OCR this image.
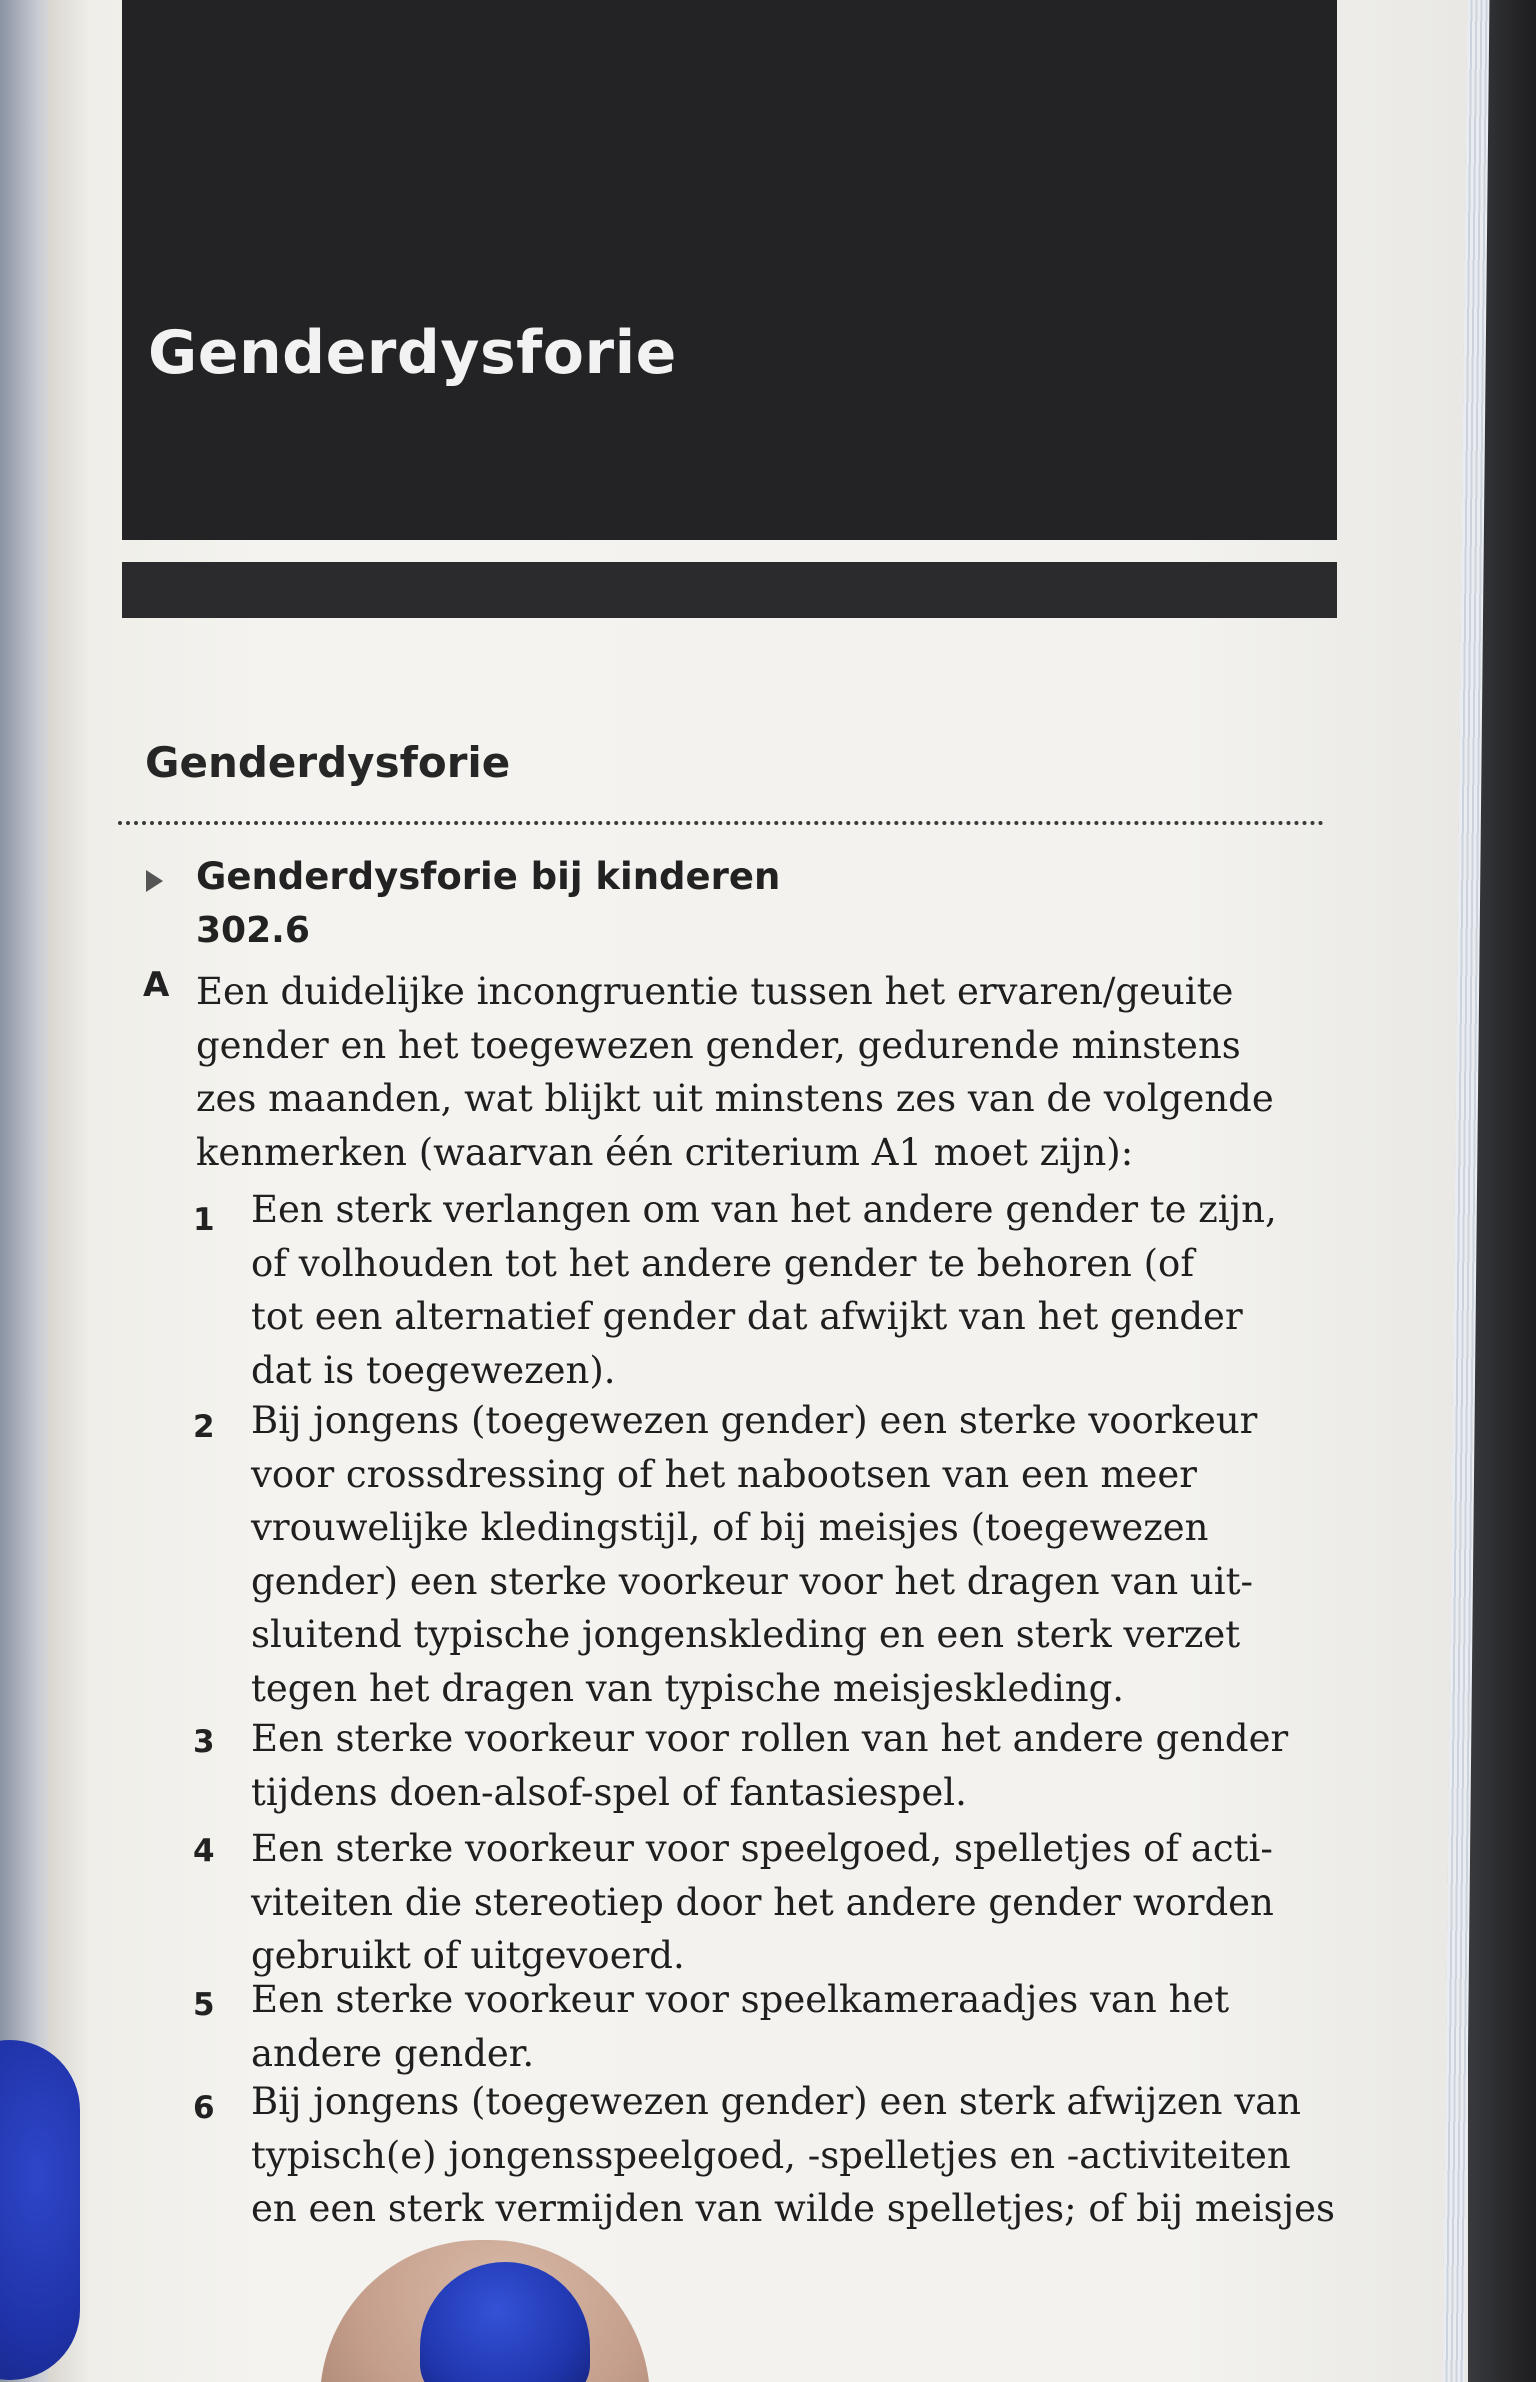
Genderdysforie
Genderdysforie
Genderdysforie bij kinderen
302.6
A Een duidelijke incongruentie tussen het ervaren/geuite
gender en het toegewezen gender, gedurende minstens
zes maanden, wat blijkt uit minstens zes van de volgende
kenmerken (waarvan één criterium A1 moet zijn):
1 Een sterk verlangen om van het andere gender te zijn,
of volhouden tot het andere gender te behoren (of
tot een alternatief gender dat afwijkt van het gender
dat is toegewezen).
2 Bij jongens (toegewezen gender) een sterke voorkeur
voor crossdressing of het nabootsen van een meer
vrouwelijke kledingstijl, of bij meisjes (toegewezen
gender) een sterke voorkeur voor het dragen van uit-
sluitend typische jongenskleding en een sterk verzet
tegen het dragen van typische meisjeskleding.
3 Een sterke voorkeur voor rollen van het andere gender
tijdens doen-alsof-spel of fantasiespel.
4 Een sterke voorkeur voor speelgoed, spelletjes of acti-
viteiten die stereotiep door het andere gender worden
gebruikt of uitgevoerd.
5 Een sterke voorkeur voor speelkameraadjes van het
andere gender.
6 Bij jongens (toegewezen gender) een sterk afwijzen van
typisch(e) jongensspeelgoed, -spelletjes en -activiteiten
en een sterk vermijden van wilde spelletjes; of bij meisjes
